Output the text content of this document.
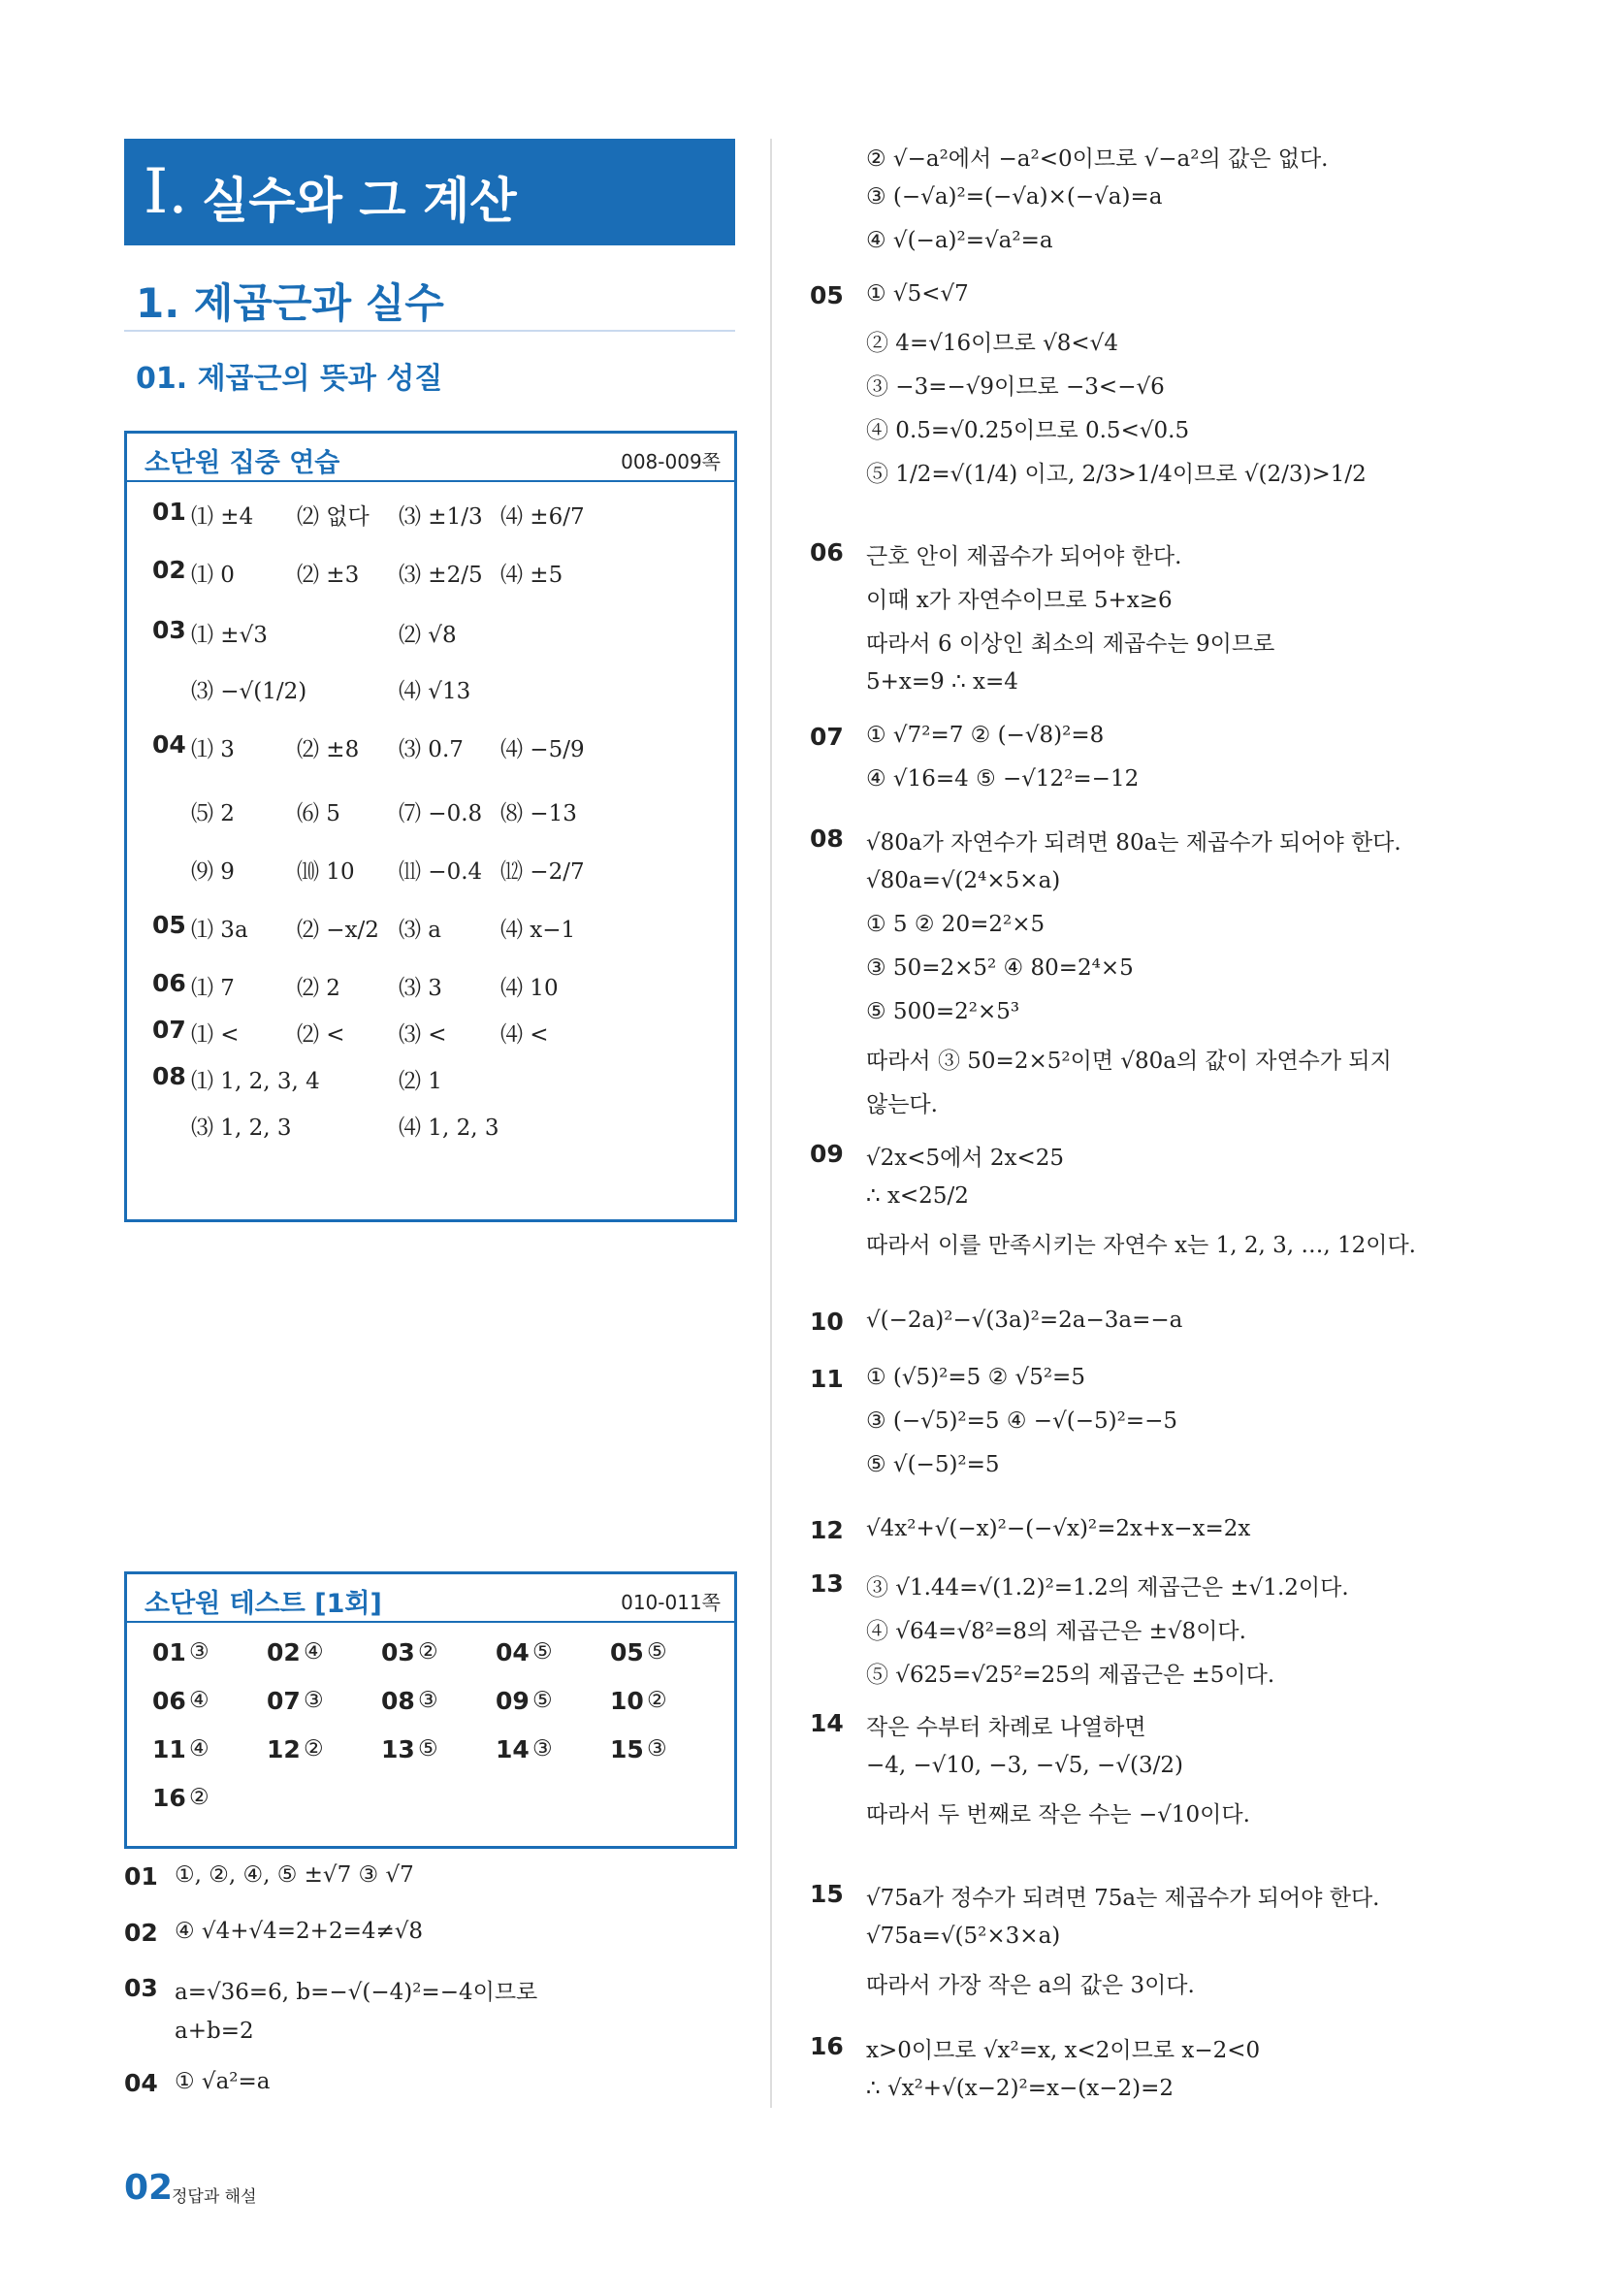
Ⅰ. 실수와 그 계산
1. 제곱근과 실수
01. 제곱근의 뜻과 성질
소단원 집중 연습	008-009쪽
01 ⑴ ±4 ⑵ 없다 ⑶ ±1/3 ⑷ ±6/7
02 ⑴ 0	⑵ ±3 ⑶ ±2/5 ⑷ ±5
03 ⑴ ±√3	⑵ √8
⑶ −√(1/2)	⑷ √13
04 ⑴ 3	⑵ ±8 ⑶ 0.7 ⑷ −5/9
⑸ 2	⑹ 5	⑺ −0.8 ⑻ −13
⑼ 9	⑽ 10 ⑾ −0.4 ⑿ −2/7
05 ⑴ 3a ⑵ −x/2 ⑶ a	⑷ x−1
06 ⑴ 7	⑵ 2	⑶ 3	⑷ 10
07 ⑴ <	⑵ < ⑶ < ⑷ <
08 ⑴ 1, 2, 3, 4	⑵ 1
⑶ 1, 2, 3	⑷ 1, 2, 3
소단원 테스트 [1회]	010-011쪽
01 ③ 02 ④ 03 ② 04 ⑤ 05 ⑤
06 ④ 07 ③ 08 ③ 09 ⑤ 10 ②
11 ④ 12 ② 13 ⑤ 14 ③ 15 ③
16 ②
01 ①, ②, ④, ⑤ ±√7 ③ √7
02 ④ √4+√4=2+2=4≠√8
03 a=√36=6, b=−√(−4)²=−4이므로
a+b=2
04 ① √a²=a
② √−a²에서 −a²<0이므로 √−a²의 값은 없다.
③ (−√a)²=(−√a)×(−√a)=a
④ √(−a)²=√a²=a
05 ① √5<√7
② 4=√16이므로 √8<√4
③ −3=−√9이므로 −3<−√6
④ 0.5=√0.25이므로 0.5<√0.5
⑤ 1/2=√(1/4) 이고, 2/3>1/4이므로 √(2/3)>1/2
06 근호 안이 제곱수가 되어야 한다.
이때 x가 자연수이므로 5+x≥6
따라서 6 이상인 최소의 제곱수는 9이므로
5+x=9 ∴ x=4
07 ① √7²=7 ② (−√8)²=8
④ √16=4 ⑤ −√12²=−12
08 √80a가 자연수가 되려면 80a는 제곱수가 되어야 한다.
√80a=√(2⁴×5×a)
① 5 ② 20=2²×5
③ 50=2×5² ④ 80=2⁴×5
⑤ 500=2²×5³
따라서 ③ 50=2×5²이면 √80a의 값이 자연수가 되지
않는다.
09 √2x<5에서 2x<25
∴ x<25/2
따라서 이를 만족시키는 자연수 x는 1, 2, 3, …, 12이다.
10 √(−2a)²−√(3a)²=2a−3a=−a
11 ① (√5)²=5 ② √5²=5
③ (−√5)²=5 ④ −√(−5)²=−5
⑤ √(−5)²=5
12 √4x²+√(−x)²−(−√x)²=2x+x−x=2x
13 ③ √1.44=√(1.2)²=1.2의 제곱근은 ±√1.2이다.
④ √64=√8²=8의 제곱근은 ±√8이다.
⑤ √625=√25²=25의 제곱근은 ±5이다.
14 작은 수부터 차례로 나열하면
−4, −√10, −3, −√5, −√(3/2)
따라서 두 번째로 작은 수는 −√10이다.
15 √75a가 정수가 되려면 75a는 제곱수가 되어야 한다.
√75a=√(5²×3×a)
따라서 가장 작은 a의 값은 3이다.
16 x>0이므로 √x²=x, x<2이므로 x−2<0
∴ √x²+√(x−2)²=x−(x−2)=2
02
정답과 해설
